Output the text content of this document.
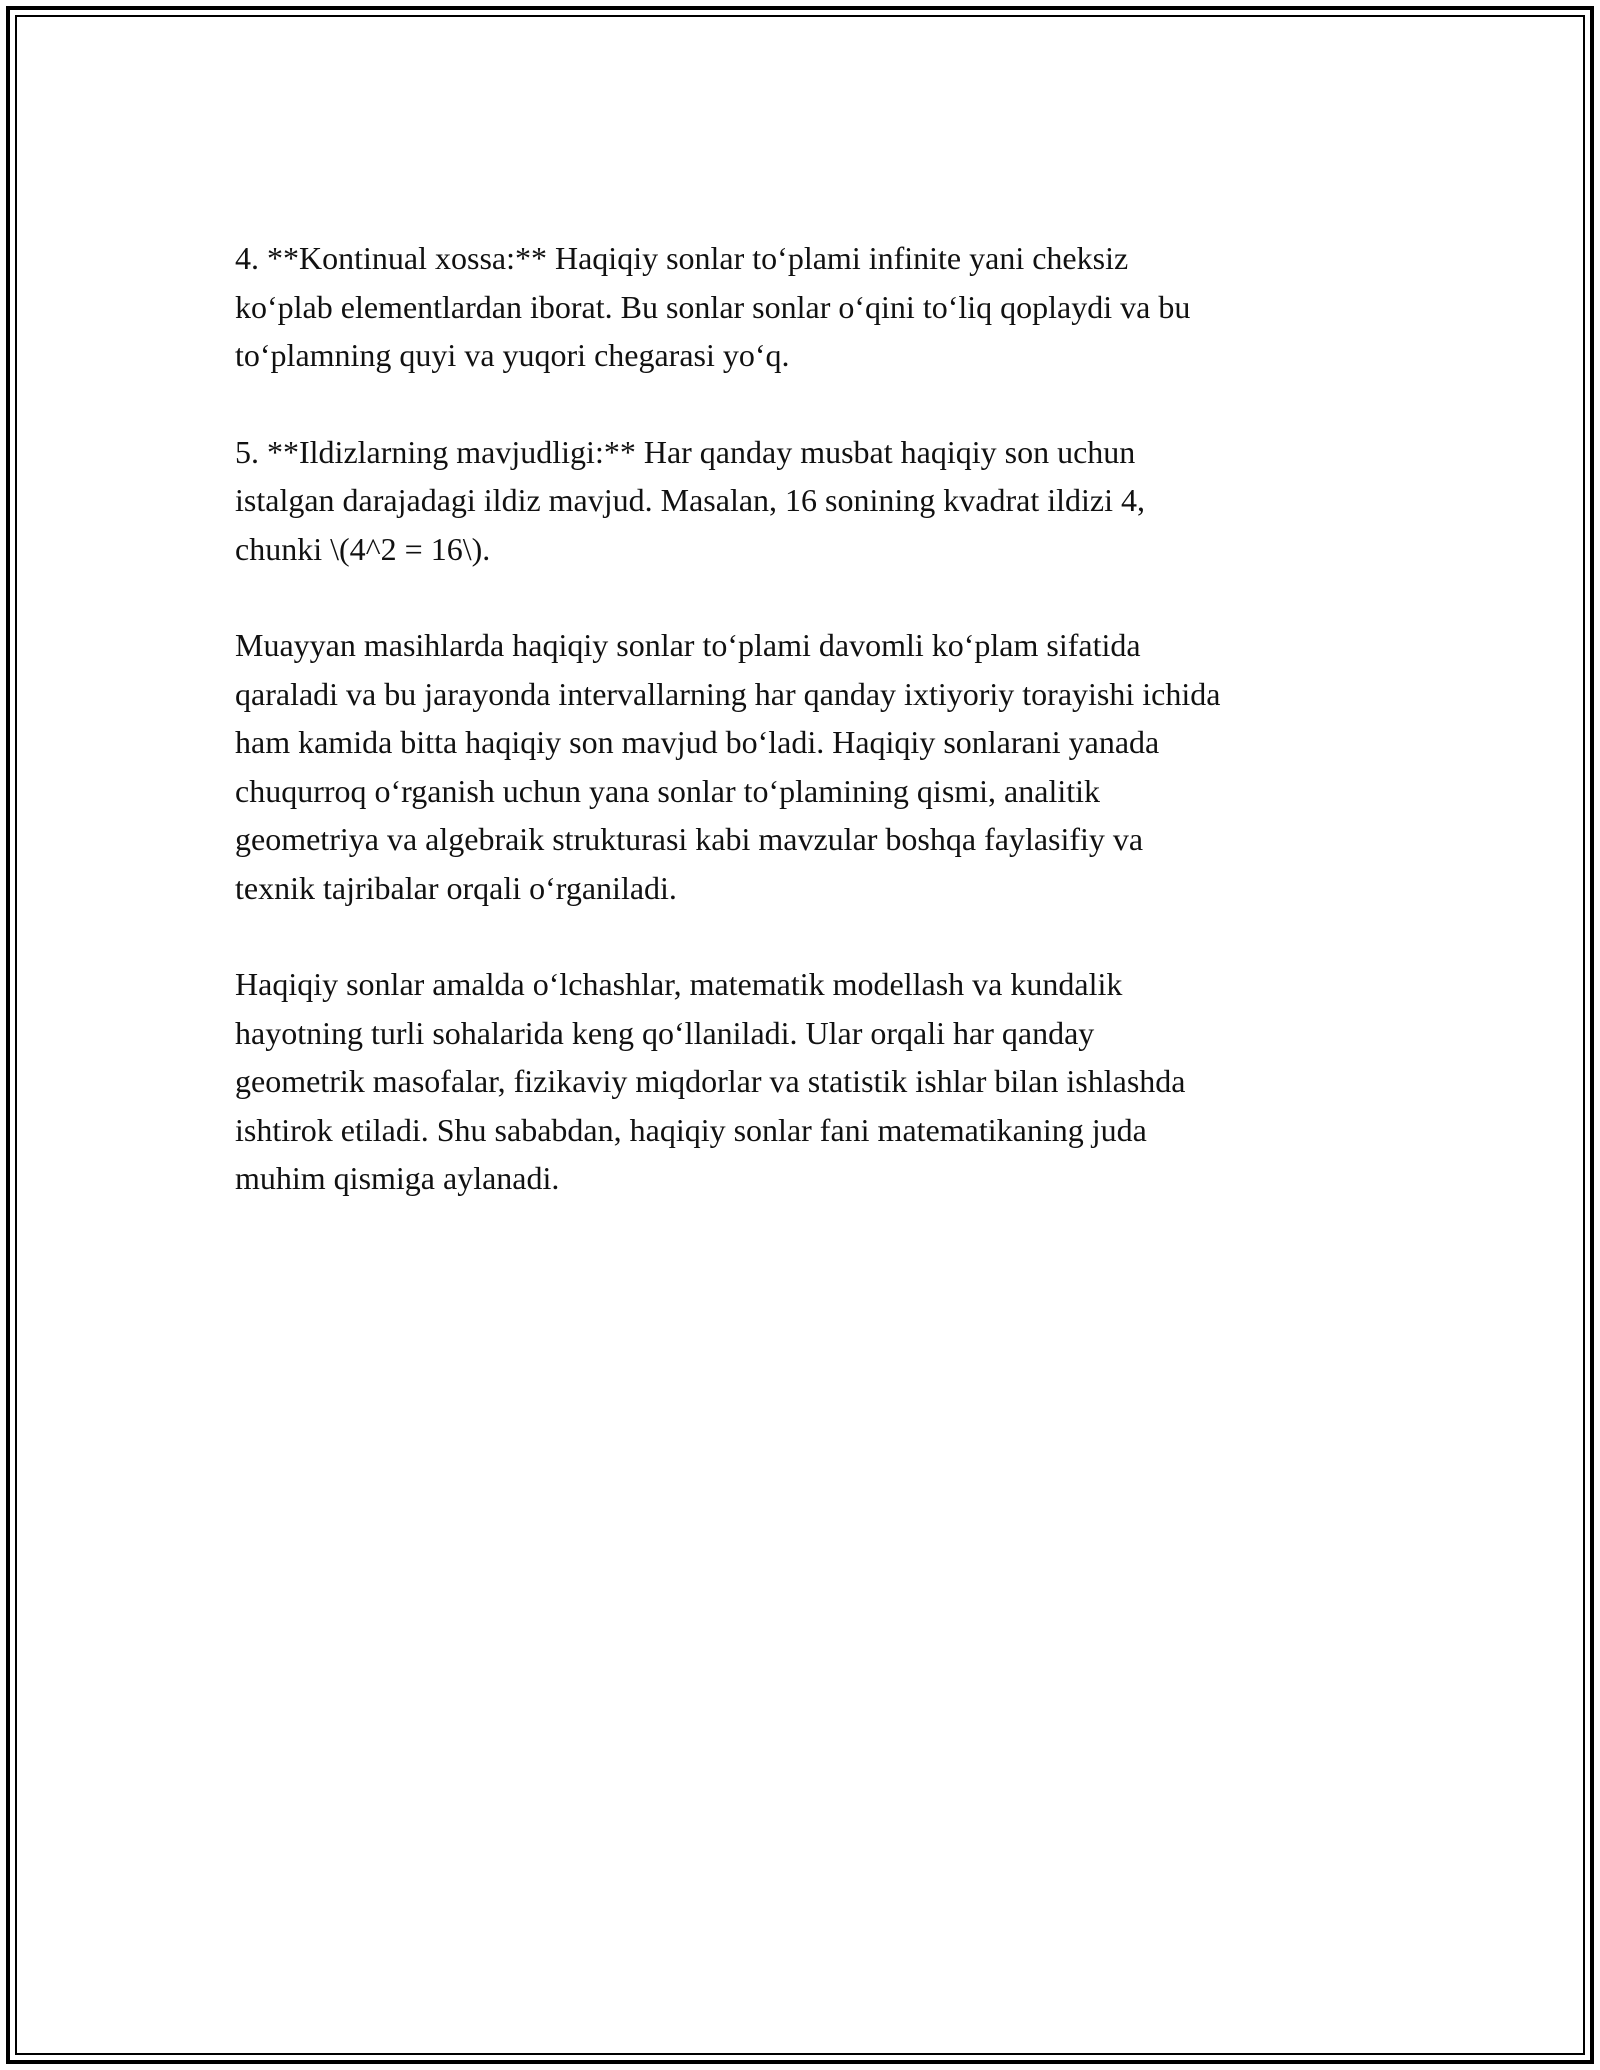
4. **Kontinual xossa:** Haqiqiy sonlar to‘plami infinite yani cheksiz
ko‘plab elementlardan iborat. Bu sonlar sonlar o‘qini to‘liq qoplaydi va bu
to‘plamning quyi va yuqori chegarasi yo‘q.

5. **Ildizlarning mavjudligi:** Har qanday musbat haqiqiy son uchun
istalgan darajadagi ildiz mavjud. Masalan, 16 sonining kvadrat ildizi 4,
chunki \(4^2 = 16\).

Muayyan masihlarda haqiqiy sonlar to‘plami davomli ko‘plam sifatida
qaraladi va bu jarayonda intervallarning har qanday ixtiyoriy torayishi ichida
ham kamida bitta haqiqiy son mavjud bo‘ladi. Haqiqiy sonlarani yanada
chuqurroq o‘rganish uchun yana sonlar to‘plamining qismi, analitik
geometriya va algebraik strukturasi kabi mavzular boshqa faylasifiy va
texnik tajribalar orqali o‘rganiladi.

Haqiqiy sonlar amalda o‘lchashlar, matematik modellash va kundalik
hayotning turli sohalarida keng qo‘llaniladi. Ular orqali har qanday
geometrik masofalar, fizikaviy miqdorlar va statistik ishlar bilan ishlashda
ishtirok etiladi. Shu sababdan, haqiqiy sonlar fani matematikaning juda
muhim qismiga aylanadi.
